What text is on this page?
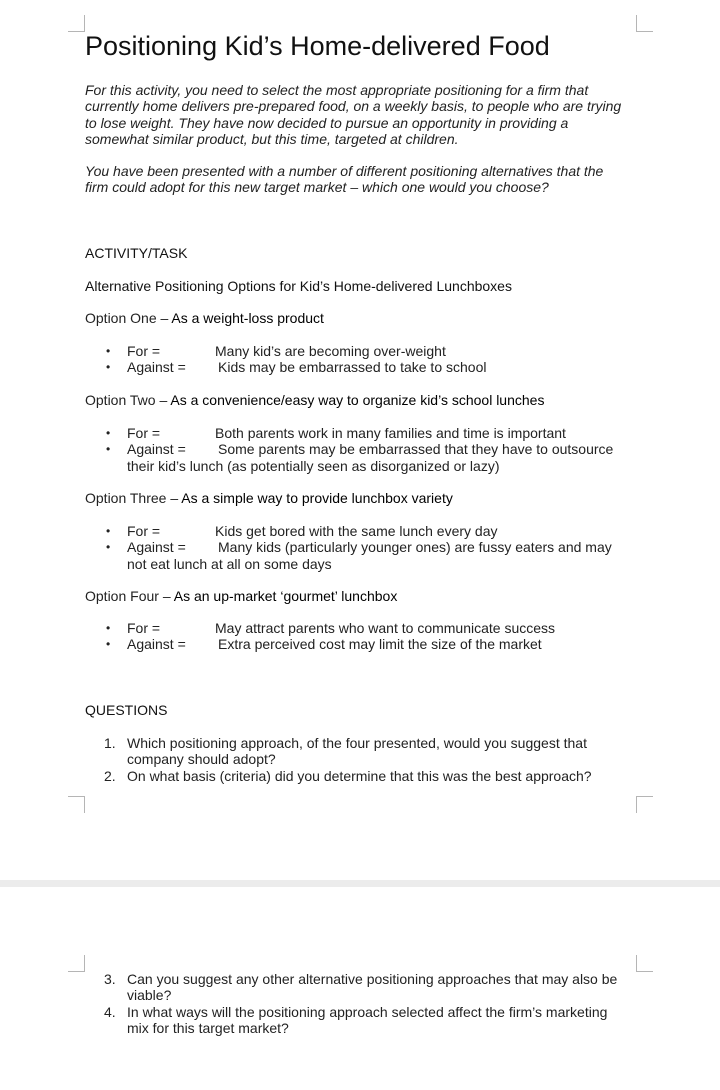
Positioning Kid’s Home-delivered Food

For this activity, you need to select the most appropriate positioning for a firm that currently home delivers pre-prepared food, on a weekly basis, to people who are trying to lose weight. They have now decided to pursue an opportunity in providing a somewhat similar product, but this time, targeted at children.

You have been presented with a number of different positioning alternatives that the firm could adopt for this new target market – which one would you choose?

ACTIVITY/TASK
Alternative Positioning Options for Kid’s Home-delivered Lunchboxes
Option One – As a weight-loss product
• For =	Many kid’s are becoming over-weight
• Against = Kids may be embarrassed to take to school
Option Two – As a convenience/easy way to organize kid’s school lunches
• For =	Both parents work in many families and time is important
• Against = Some parents may be embarrassed that they have to outsource their kid’s lunch (as potentially seen as disorganized or lazy)
Option Three – As a simple way to provide lunchbox variety
• For =	Kids get bored with the same lunch every day
• Against = Many kids (particularly younger ones) are fussy eaters and may not eat lunch at all on some days
Option Four – As an up-market ‘gourmet’ lunchbox
• For =	May attract parents who want to communicate success
• Against = Extra perceived cost may limit the size of the market
QUESTIONS
1. Which positioning approach, of the four presented, would you suggest that company should adopt?
2. On what basis (criteria) did you determine that this was the best approach?
3. Can you suggest any other alternative positioning approaches that may also be viable?
4. In what ways will the positioning approach selected affect the firm’s marketing mix for this target market?
